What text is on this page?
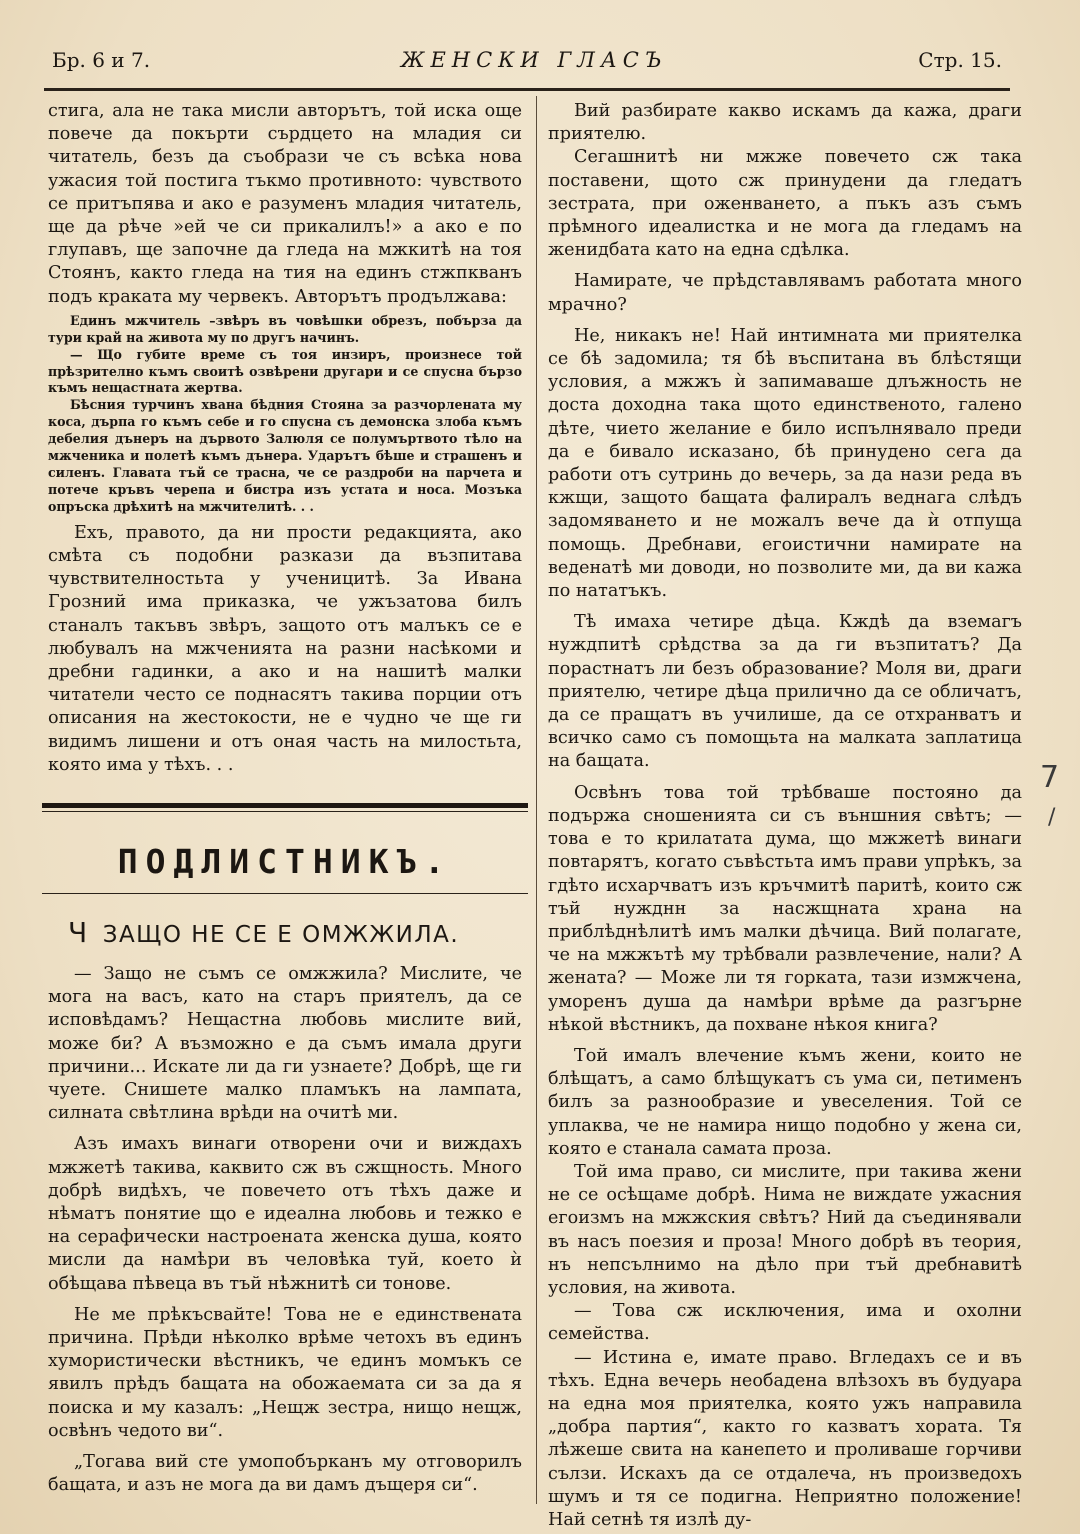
Бр. 6 и 7.	ЖЕНСКИ ГЛАСЪ	Стр. 15.

стига, ала не така мисли авторътъ, той иска още повече да покърти сърдцето на младия си читатель, безъ да съобрази че съ всѣка нова ужасия той постига тъкмо противното: чувството се притъпява и ако е разуменъ младия читатель, ще да рѣче »ей че си прикалилъ!» а ако е по глупавъ, ще започне да гледа на мжкитѣ на тоя Стоянъ, както гледа на тия на единъ стжпкванъ подъ краката му червекъ. Авторътъ продължава:

Единъ мжчитель –звѣръ въ човѣшки обрезъ, побърза да тури край на живота му по другъ начинъ.

— Що губите време съ тоя инзиръ, произнесе той прѣзрително къмъ своитѣ озвѣрени другари и се спусна бързо къмъ нещастната жертва.

Бѣсния турчинъ хвана бѣдния Стояна за разчорленатa му коса, дърпа го къмъ себе и го спусна съ демонска злоба къмъ дебелия дънеръ на дървото Залюля се полумъртвото тѣло на мжченика и полетѣ къмъ дънера. Ударътъ бѣше и страшенъ и силенъ. Главата тъй се трасна, че се раздроби на парчета и потече кръвъ черепа и бистра изъ устата и носа. Мозъка опръска дрѣхитѣ на мжчителитѣ. . .

Ехъ, правото, да ни прости редакцията, ако смѣта съ подобни разкази да възпитава чувствителностьта у ученицитѣ. За Ивана Грозний има приказка, че ужъзатова билъ станалъ такъвъ звѣръ, защото отъ малъкъ се е любувалъ на мжченията на разни насѣкоми и дребни гадинки, а ако и на нашитѣ малки читатели често се поднасятъ такива порции отъ описания на жестокости, не е чудно че ще ги видимъ лишени и отъ оная часть на милостьта, която има у тѣхъ. . .

ПОДЛИСТНИКЪ.
Ч ЗАЩО НЕ СЕ Е ОМЖЖИЛА.

— Защо не съмъ се омжжила? Мислите, че мога на васъ, като на старъ приятелъ, да се исповѣдамъ? Нещастна любовь мислите вий, може би? А възможно е да съмъ имала други причини... Искате ли да ги узнаете? Добрѣ, ще ги чуете. Снишете малко пламъкъ на лампата, силната свѣтлина врѣди на очитѣ ми.

Азъ имахъ винаги отворени очи и виждахъ мжжетѣ такива, каквито сж въ сжщность. Много добрѣ видѣхъ, че повечето отъ тѣхъ даже и нѣматъ понятие що е идеална любовь и тежко е на серафически настроената женска душа, която мисли да намѣри въ человѣка туй, което ѝ обѣщава пѣвеца въ тъй нѣжнитѣ си тонове.

Не ме прѣкъсвайте! Това не е единствената причина. Прѣди нѣколко врѣме четохъ въ единъ хумористически вѣстникъ, че единъ момъкъ се явилъ прѣдъ бащата на обожаемата си за да я поиска и му казалъ: „Нещж зестра, нищо нещж, освѣнъ чедото ви“.

„Тогава вий сте умопобърканъ му отговорилъ бащата, и азъ не мога да ви дамъ дъщеря си“.

Вий разбирате какво искамъ да кажа, драги приятелю.

Сегашнитѣ ни мжже повечето сж така поставени, щото сж принудени да гледатъ зестрата, при оженването, а пъкъ азъ съмъ прѣмного идеалистка и не мога да гледамъ на женидбата като на една сдѣлка.

Намирате, че прѣдставлявамъ работата много мрачно?

Не, никакъ не! Най интимната ми приятелка се бѣ задомила; тя бѣ въспитана въ блѣстящи условия, а мжжъ ѝ запимаваше длъжность не доста доходна така щото единственото, галено дѣте, чието желание е било испълнявало преди да е бивало исказано, бѣ принудено сега да работи отъ сутринь до вечерь, за да нази реда въ кжщи, защото бащата фалиралъ веднага слѣдъ задомяването и не можалъ вече да ѝ отпуща помощь. Дребнави, егоистични намирате на веденатѣ ми доводи, но позволите ми, да ви кажа по нататъкъ.

Тѣ имаха четире дѣца. Кждѣ да вземагъ нуждпитѣ срѣдства за да ги възпитатъ? Да порастнатъ ли безъ образование? Моля ви, драги приятелю, четире дѣца прилично да се обличатъ, да се пращатъ въ училише, да се отхранватъ и всичко само съ помощьта на малката заплатица на бащата.

Освѣнъ това той трѣбваше постояно да подържа сношенията си съ външния свѣтъ; — това е то крилатата дума, що мжжетѣ винаги повтарятъ, когато съвѣстьта имъ прави упрѣкъ, за гдѣто исхарчватъ изъ кръчмитѣ паритѣ, които сж тъй нужднн за насжщната храна на приблѣднѣлитѣ имъ малки дѣчица. Вий полагате, че на мжжътѣ му трѣбвали развлечение, нали? А жената? — Може ли тя горката, тази измжчена, уморенъ душа да намѣри врѣме да разгърне нѣкой вѣстникъ, да похване нѣкоя книга?

Той ималъ влечение къмъ жени, които не блѣщатъ, а само блѣщукатъ съ ума си, петименъ билъ за разнообразие и увеселения. Той се уплаква, че не намира нищо подобно у жена си, която е станала самата проза.

Той има право, си мислите, при такива жени не се осѣщаме добрѣ. Нима не виждате ужасния егоизмъ на мжжския свѣтъ? Ний да съединявали въ насъ поезия и проза! Много добрѣ въ теория, нъ непсълнимо на дѣло при тъй дребнавитѣ условия, на живота.

— Това сж исключения, има и охолни семейства.

— Истина е, имате право. Вгледахъ се и въ тѣхъ. Една вечерь необадена влѣзохъ въ будуара на една моя приятелка, която ужъ направила „добра партия“, както го казватъ хората. Тя лѣжеше свита на канепето и проливаше горчиви сълзи. Искахъ да се отдалеча, нъ произведохъ шумъ и тя се подигна. Неприятно положение! Най сетнѣ тя излѣ ду-

7
/
